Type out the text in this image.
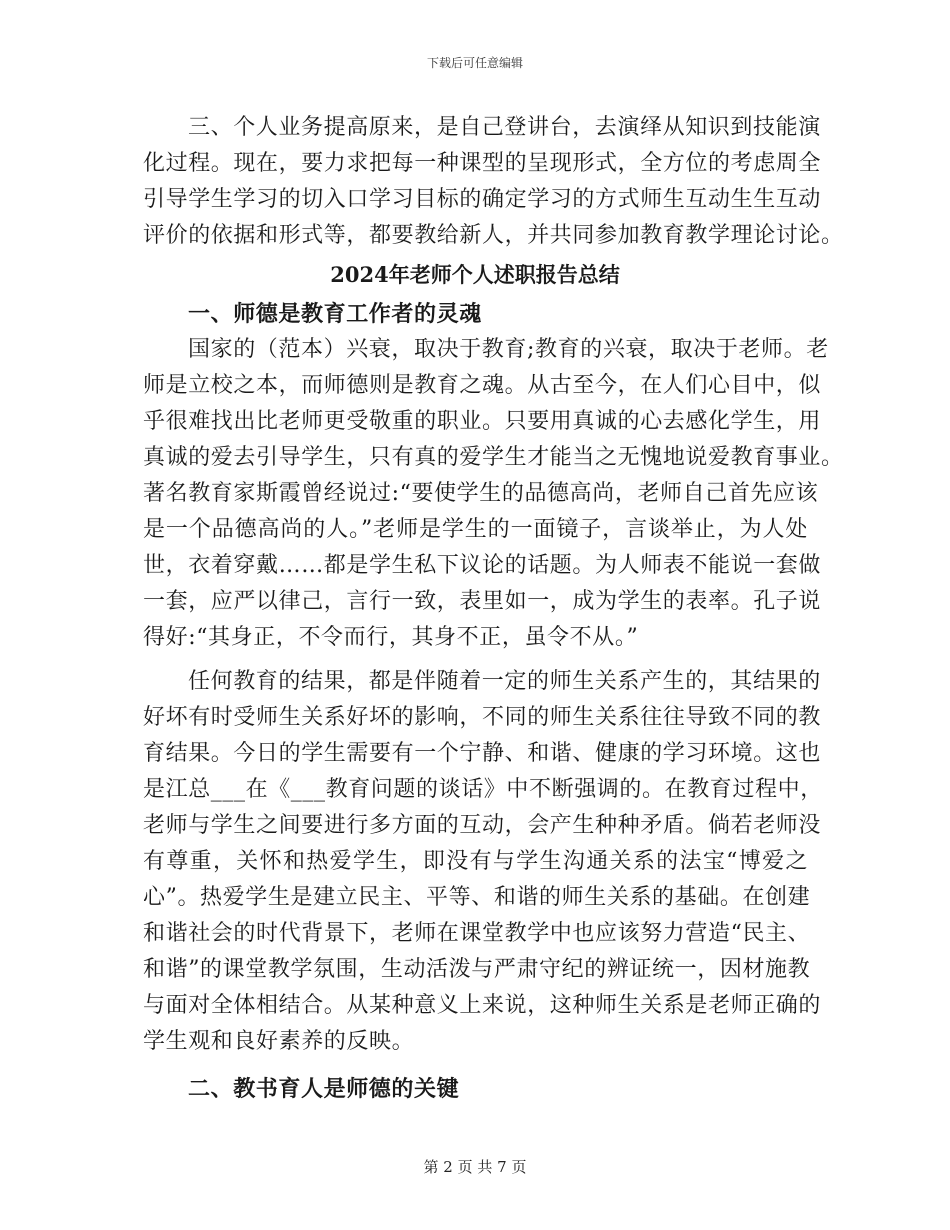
下载后可任意编辑
三、个人业务提高原来，是自己登讲台，去演绎从知识到技能演
化过程。现在，要力求把每一种课型的呈现形式，全方位的考虑周全
引导学生学习的切入口学习目标的确定学习的方式师生互动生生互动
评价的依据和形式等，都要教给新人，并共同参加教育教学理论讨论。
2024年老师个人述职报告总结
一、师德是教育工作者的灵魂
国家的（范本）兴衰，取决于教育;教育的兴衰，取决于老师。老
师是立校之本，而师德则是教育之魂。从古至今，在人们心目中，似
乎很难找出比老师更受敬重的职业。只要用真诚的心去感化学生，用
真诚的爱去引导学生，只有真的爱学生才能当之无愧地说爱教育事业。
著名教育家斯霞曾经说过:“要使学生的品德高尚，老师自己首先应该
是一个品德高尚的人。”老师是学生的一面镜子，言谈举止，为人处
世，衣着穿戴……都是学生私下议论的话题。为人师表不能说一套做
一套，应严以律己，言行一致，表里如一，成为学生的表率。孔子说
得好:“其身正，不令而行，其身不正，虽令不从。”
任何教育的结果，都是伴随着一定的师生关系产生的，其结果的
好坏有时受师生关系好坏的影响，不同的师生关系往往导致不同的教
育结果。今日的学生需要有一个宁静、和谐、健康的学习环境。这也
是江总___在《___教育问题的谈话》中不断强调的。在教育过程中，
老师与学生之间要进行多方面的互动，会产生种种矛盾。倘若老师没
有尊重，关怀和热爱学生，即没有与学生沟通关系的法宝“博爱之
心”。热爱学生是建立民主、平等、和谐的师生关系的基础。在创建
和谐社会的时代背景下，老师在课堂教学中也应该努力营造“民主、
和谐”的课堂教学氛围，生动活泼与严肃守纪的辨证统一，因材施教
与面对全体相结合。从某种意义上来说，这种师生关系是老师正确的
学生观和良好素养的反映。
二、教书育人是师德的关键
第 2 页 共 7 页
